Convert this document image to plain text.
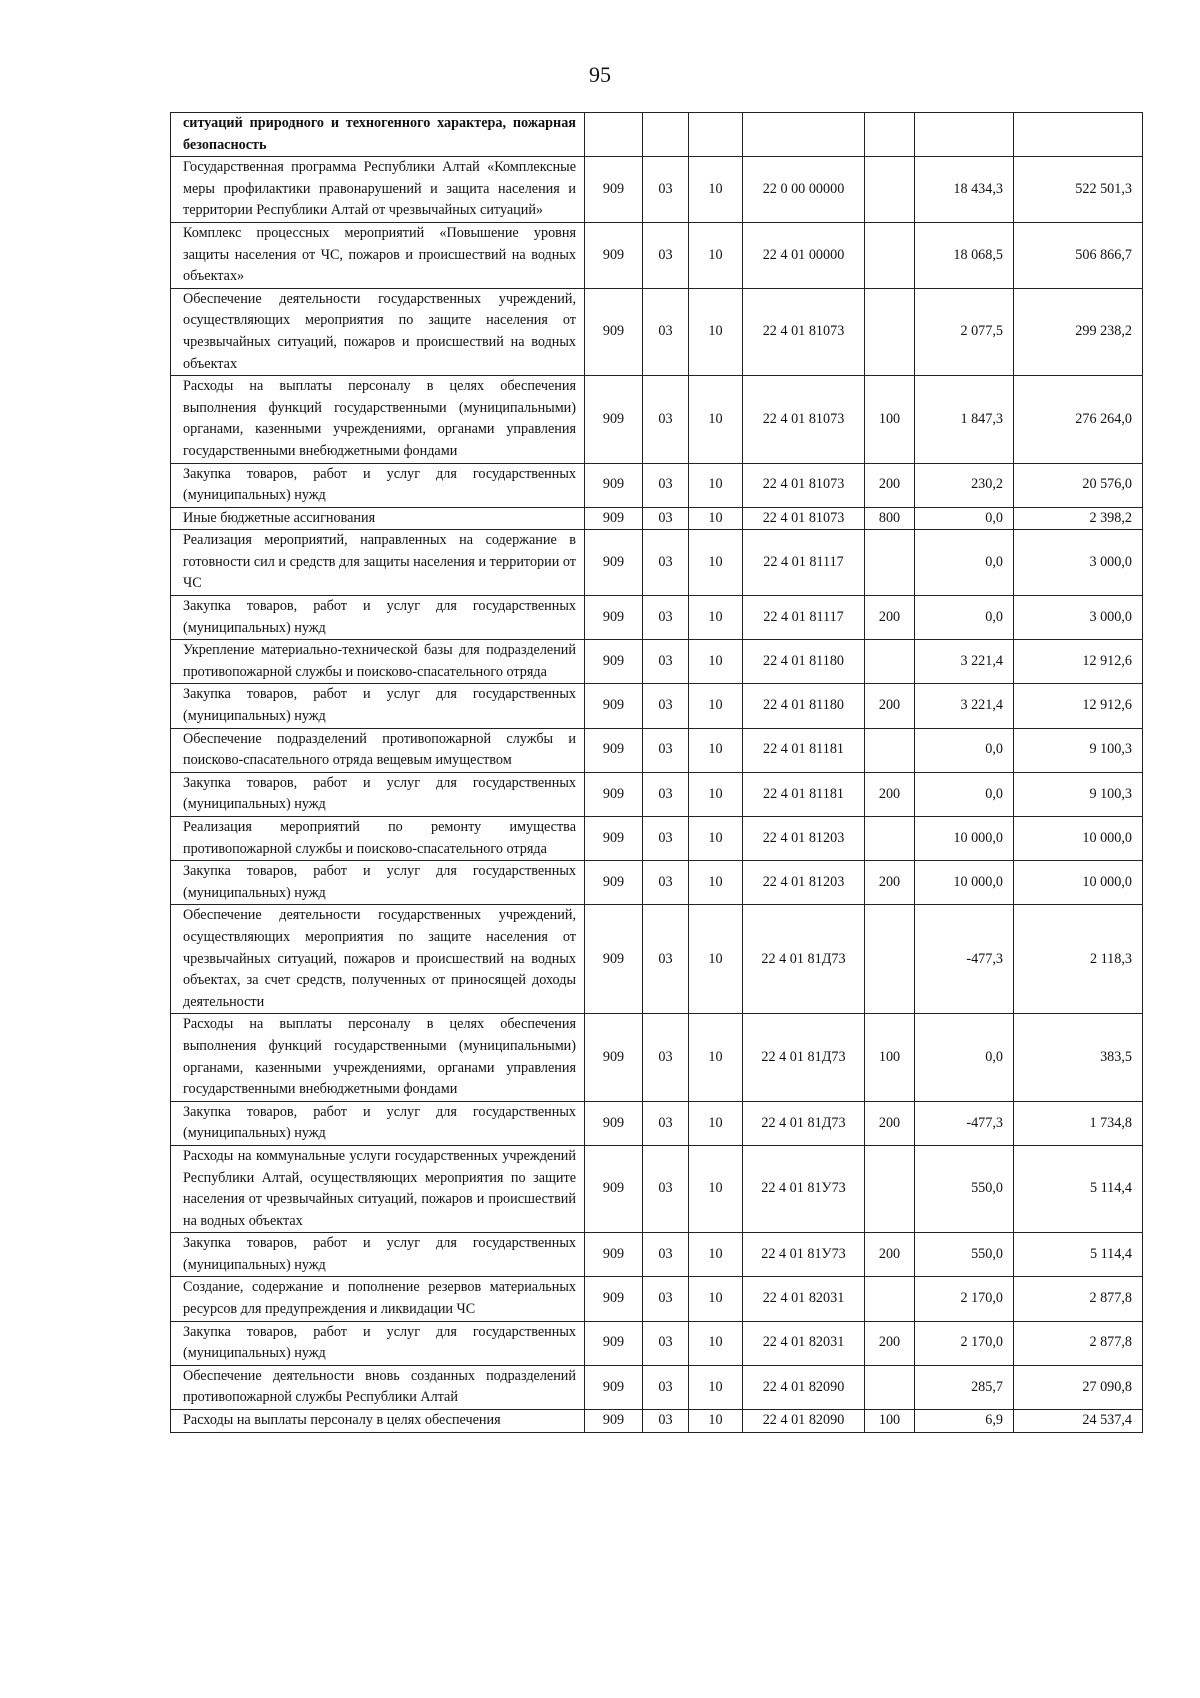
95
ситуаций природного и техногенного характера, пожарная безопасность							
Государственная программа Республики Алтай «Комплексные меры профилактики правонарушений и защита населения и территории Республики Алтай от чрезвычайных ситуаций»	909	03	10	22 0 00 00000		18 434,3	522 501,3
Комплекс процессных мероприятий «Повышение уровня защиты населения от ЧС, пожаров и происшествий на водных объектах»	909	03	10	22 4 01 00000		18 068,5	506 866,7
Обеспечение деятельности государственных учреждений, осуществляющих мероприятия по защите населения от чрезвычайных ситуаций, пожаров и происшествий на водных объектах	909	03	10	22 4 01 81073		2 077,5	299 238,2
Расходы на выплаты персоналу в целях обеспечения выполнения функций государственными (муниципальными) органами, казенными учреждениями, органами управления государственными внебюджетными фондами	909	03	10	22 4 01 81073	100	1 847,3	276 264,0
Закупка товаров, работ и услуг для государственных (муниципальных) нужд	909	03	10	22 4 01 81073	200	230,2	20 576,0
Иные бюджетные ассигнования	909	03	10	22 4 01 81073	800	0,0	2 398,2
Реализация мероприятий, направленных на содержание в готовности сил и средств для защиты населения и территории от ЧС	909	03	10	22 4 01 81117		0,0	3 000,0
Закупка товаров, работ и услуг для государственных (муниципальных) нужд	909	03	10	22 4 01 81117	200	0,0	3 000,0
Укрепление материально-технической базы для подразделений противопожарной службы и поисково-спасательного отряда	909	03	10	22 4 01 81180		3 221,4	12 912,6
Закупка товаров, работ и услуг для государственных (муниципальных) нужд	909	03	10	22 4 01 81180	200	3 221,4	12 912,6
Обеспечение подразделений противопожарной службы и поисково-спасательного отряда вещевым имуществом	909	03	10	22 4 01 81181		0,0	9 100,3
Закупка товаров, работ и услуг для государственных (муниципальных) нужд	909	03	10	22 4 01 81181	200	0,0	9 100,3
Реализация мероприятий по ремонту имущества противопожарной службы и поисково-спасательного отряда	909	03	10	22 4 01 81203		10 000,0	10 000,0
Закупка товаров, работ и услуг для государственных (муниципальных) нужд	909	03	10	22 4 01 81203	200	10 000,0	10 000,0
Обеспечение деятельности государственных учреждений, осуществляющих мероприятия по защите населения от чрезвычайных ситуаций, пожаров и происшествий на водных объектах, за счет средств, полученных от приносящей доходы деятельности	909	03	10	22 4 01 81Д73		-477,3	2 118,3
Расходы на выплаты персоналу в целях обеспечения выполнения функций государственными (муниципальными) органами, казенными учреждениями, органами управления государственными внебюджетными фондами	909	03	10	22 4 01 81Д73	100	0,0	383,5
Закупка товаров, работ и услуг для государственных (муниципальных) нужд	909	03	10	22 4 01 81Д73	200	-477,3	1 734,8
Расходы на коммунальные услуги государственных учреждений Республики Алтай, осуществляющих мероприятия по защите населения от чрезвычайных ситуаций, пожаров и происшествий на водных объектах	909	03	10	22 4 01 81У73		550,0	5 114,4
Закупка товаров, работ и услуг для государственных (муниципальных) нужд	909	03	10	22 4 01 81У73	200	550,0	5 114,4
Создание, содержание и пополнение резервов материальных ресурсов для предупреждения и ликвидации ЧС	909	03	10	22 4 01 82031		2 170,0	2 877,8
Закупка товаров, работ и услуг для государственных (муниципальных) нужд	909	03	10	22 4 01 82031	200	2 170,0	2 877,8
Обеспечение деятельности вновь созданных подразделений противопожарной службы Республики Алтай	909	03	10	22 4 01 82090		285,7	27 090,8
Расходы на выплаты персоналу в целях обеспечения	909	03	10	22 4 01 82090	100	6,9	24 537,4
